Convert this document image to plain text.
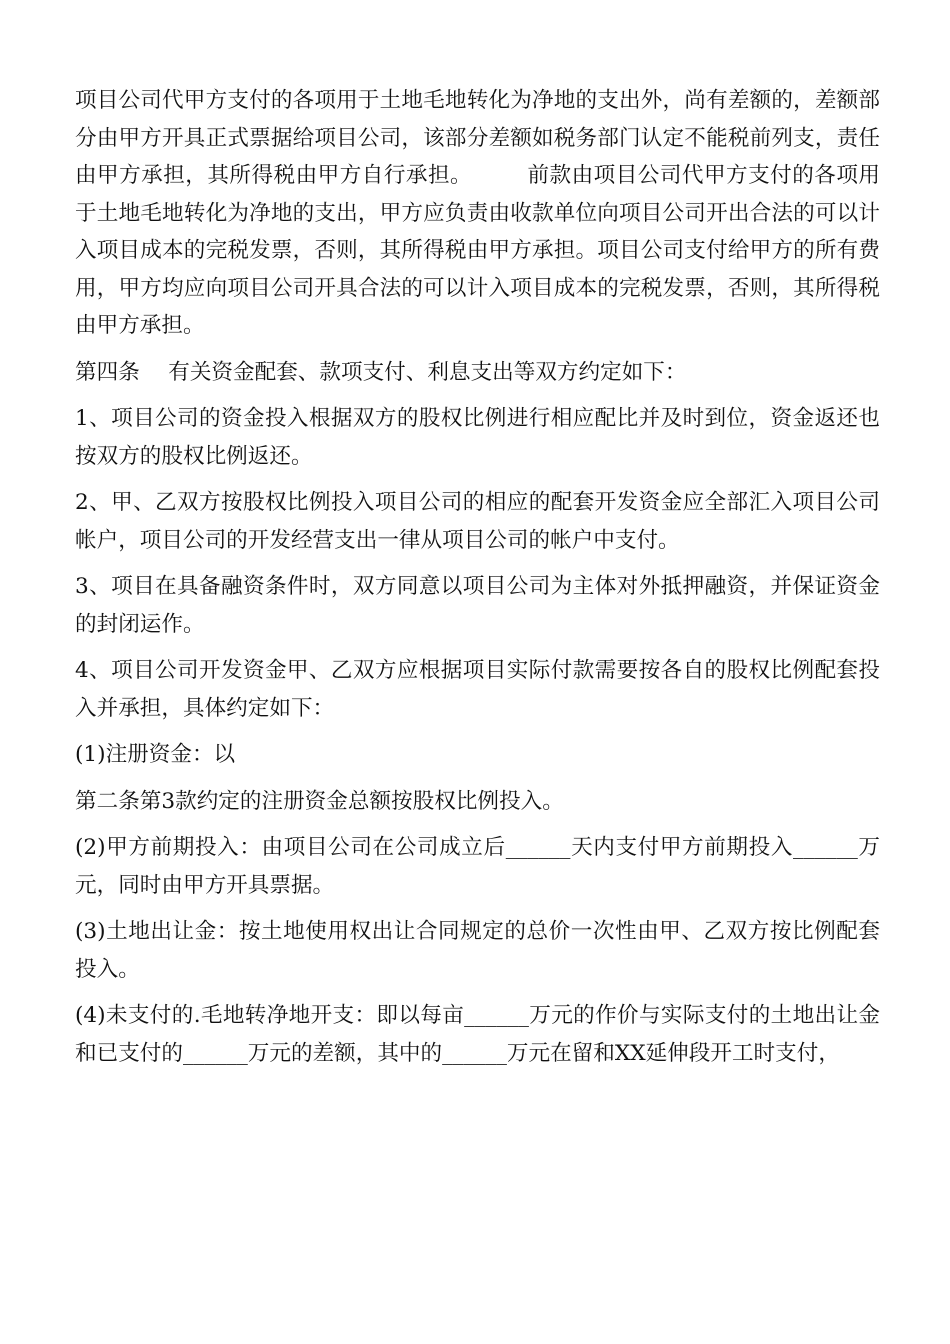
项目公司代甲方支付的各项用于土地毛地转化为净地的支出外，尚有差额的，差额部分由甲方开具正式票据给项目公司，该部分差额如税务部门认定不能税前列支，责任由甲方承担，其所得税由甲方自行承担。　　　前款由项目公司代甲方支付的各项用于土地毛地转化为净地的支出，甲方应负责由收款单位向项目公司开出合法的可以计入项目成本的完税发票，否则，其所得税由甲方承担。项目公司支付给甲方的所有费用，甲方均应向项目公司开具合法的可以计入项目成本的完税发票，否则，其所得税由甲方承担。

第四条　 有关资金配套、款项支付、利息支出等双方约定如下：

1、项目公司的资金投入根据双方的股权比例进行相应配比并及时到位，资金返还也按双方的股权比例返还。

2、甲、乙双方按股权比例投入项目公司的相应的配套开发资金应全部汇入项目公司帐户，项目公司的开发经营支出一律从项目公司的帐户中支付。

3、项目在具备融资条件时，双方同意以项目公司为主体对外抵押融资，并保证资金的封闭运作。

4、项目公司开发资金甲、乙双方应根据项目实际付款需要按各自的股权比例配套投入并承担，具体约定如下：

(1)注册资金：以

第二条第3款约定的注册资金总额按股权比例投入。

(2)甲方前期投入：由项目公司在公司成立后______天内支付甲方前期投入______万元，同时由甲方开具票据。

(3)土地出让金：按土地使用权出让合同规定的总价一次性由甲、乙双方按比例配套投入。

(4)未支付的.毛地转净地开支：即以每亩______万元的作价与实际支付的土地出让金和已支付的______万元的差额，其中的______万元在留和XX延伸段开工时支付，
